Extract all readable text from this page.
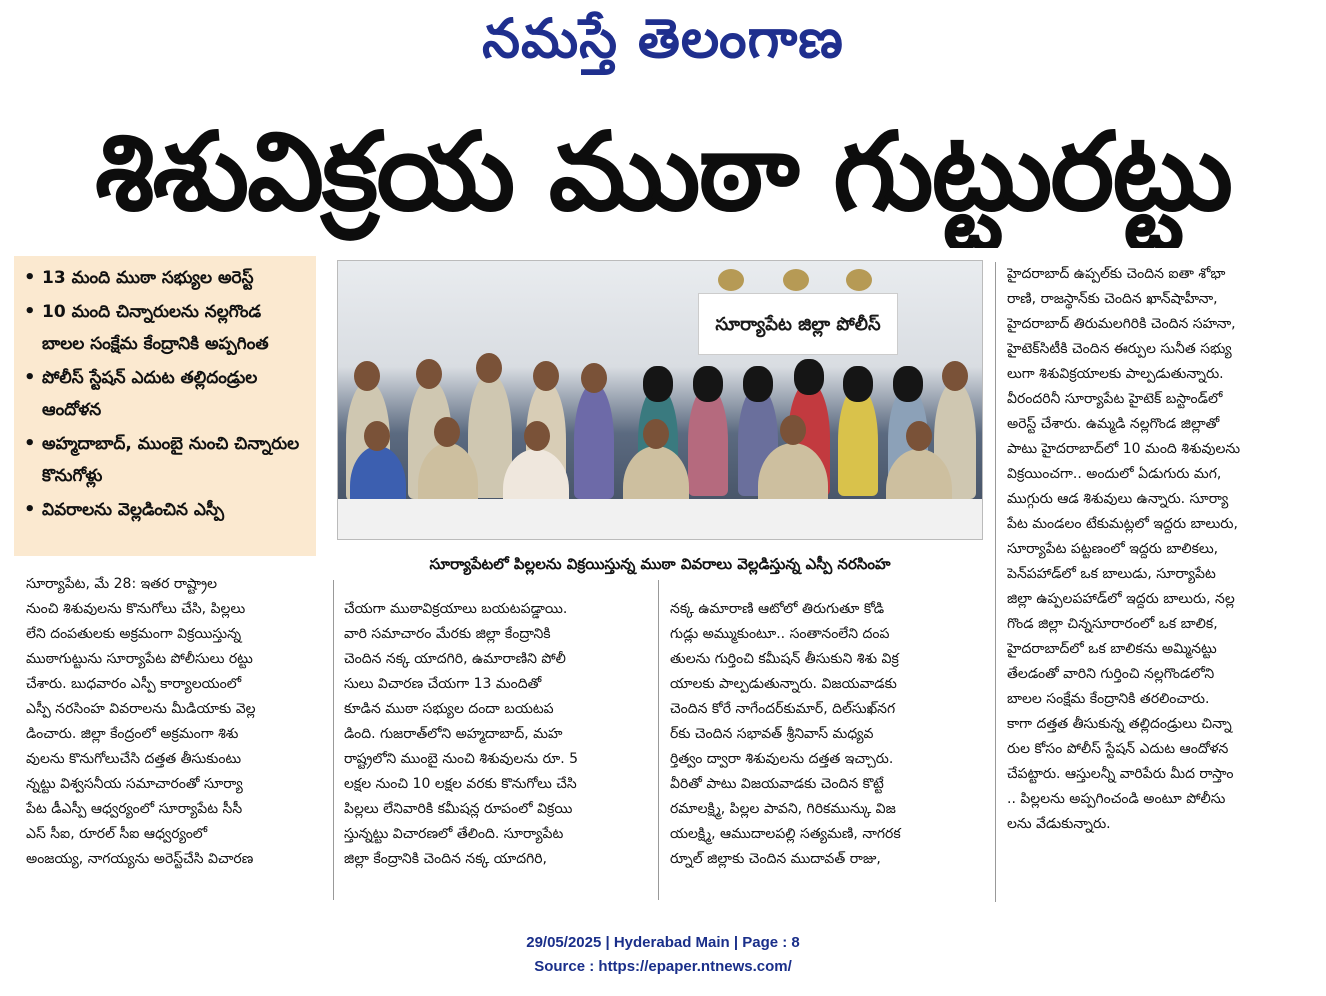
నమస్తే తెలంగాణ
శిశువిక్రయ ముఠా గుట్టురట్టు
• 13 మంది ముఠా సభ్యుల అరెస్ట్
• 10 మంది చిన్నారులను నల్లగొండ బాలల సంక్షేమ కేంద్రానికి అప్పగింత
• పోలీస్ స్టేషన్ ఎదుట తల్లిదండ్రుల ఆందోళన
• అహ్మదాబాద్, ముంబై నుంచి చిన్నారుల కొనుగోళ్లు
• వివరాలను వెల్లడించిన ఎస్పీ
సూర్యాపేట జిల్లా పోలీస్
సూర్యాపేటలో పిల్లలను విక్రయిస్తున్న ముఠా వివరాలు వెల్లడిస్తున్న ఎస్పీ నరసింహ
సూర్యాపేట, మే 28: ఇతర రాష్ట్రాల
నుంచి శిశువులను కొనుగోలు చేసి, పిల్లలు
లేని దంపతులకు అక్రమంగా విక్రయిస్తున్న
ముఠాగుట్టును సూర్యాపేట పోలీసులు రట్టు
చేశారు. బుధవారం ఎస్పీ కార్యాలయంలో
ఎస్పీ నరసింహ వివరాలను మీడియాకు వెల్ల
డించారు. జిల్లా కేంద్రంలో అక్రమంగా శిశు
వులను కొనుగోలుచేసి దత్తత తీసుకుంటు
న్నట్టు విశ్వసనీయ సమాచారంతో సూర్యా
పేట డీఎస్పీ ఆధ్వర్యంలో సూర్యాపేట సీసీ
ఎస్ సీఐ, రూరల్ సీఐ ఆధ్వర్యంలో
అంజయ్య, నాగయ్యను అరెస్ట్‌చేసి విచారణ
చేయగా ముఠావిక్రయాలు బయటపడ్డాయి.
వారి సమాచారం మేరకు జిల్లా కేంద్రానికి
చెందిన నక్క యాదగిరి, ఉమారాణిని పోలీ
సులు విచారణ చేయగా 13 మందితో
కూడిన ముఠా సభ్యుల దందా బయటప
డింది. గుజరాత్‌లోని అహ్మదాబాద్, మహ
రాష్ట్రలోని ముంబై నుంచి శిశువులను రూ. 5
లక్షల నుంచి 10 లక్షల వరకు కొనుగోలు చేసి
పిల్లలు లేనివారికి కమీషన్ల రూపంలో విక్రయి
స్తున్నట్టు విచారణలో తేలింది. సూర్యాపేట
జిల్లా కేంద్రానికి చెందిన నక్క యాదగిరి,
నక్క ఉమారాణి ఆటోలో తిరుగుతూ కోడి
గుడ్లు అమ్ముకుంటూ.. సంతానంలేని దంప
తులను గుర్తించి కమీషన్ తీసుకుని శిశు విక్ర
యాలకు పాల్పడుతున్నారు. విజయవాడకు
చెందిన కోరే నాగేందర్‌కుమార్, దిల్‌సుఖ్‌నగ
ర్‌కు చెందిన సభావత్ శ్రీనివాస్ మధ్యవ
ర్తిత్వం ద్వారా శిశువులను దత్తత ఇచ్చారు.
వీరితో పాటు విజయవాడకు చెందిన కొట్టే
రమాలక్ష్మి, పిల్లల పావని, గిరికమున్కు విజ
యలక్ష్మి, ఆముదాలపల్లి సత్యమణి, నాగరక
ర్నూల్ జిల్లాకు చెందిన ముదావత్ రాజు,
హైదరాబాద్ ఉప్పల్‌కు చెందిన ఐతా శోభా
రాణి, రాజస్థాన్‌కు చెందిన ఖాన్‌షాహీనా,
హైదరాబాద్ తిరుమలగిరికి చెందిన సహనా,
హైటెక్‌సిటీకి చెందిన ఈర్పుల సునీత సభ్యు
లుగా శిశువిక్రయాలకు పాల్పడుతున్నారు.
వీరందరినీ సూర్యాపేట హైటెక్ బస్టాండ్‌లో
అరెస్ట్ చేశారు. ఉమ్మడి నల్లగొండ జిల్లాతో
పాటు హైదరాబాద్‌లో 10 మంది శిశువులను
విక్రయించగా.. అందులో ఏడుగురు మగ,
ముగ్గురు ఆడ శిశువులు ఉన్నారు. సూర్యా
పేట మండలం టేకుమట్లలో ఇద్దరు బాలురు,
సూర్యాపేట పట్టణంలో ఇద్దరు బాలికలు,
పెన్‌పహాడ్‌లో ఒక బాలుడు, సూర్యాపేట
జిల్లా ఉప్పలపహాడ్‌లో ఇద్దరు బాలురు, నల్ల
గొండ జిల్లా చిన్నసూరారంలో ఒక బాలిక,
హైదరాబాద్‌లో ఒక బాలికను అమ్మినట్టు
తేలడంతో వారిని గుర్తించి నల్లగొండలోని
బాలల సంక్షేమ కేంద్రానికి తరలించారు.
కాగా దత్తత తీసుకున్న తల్లిదండ్రులు చిన్నా
రుల కోసం పోలీస్ స్టేషన్ ఎదుట ఆందోళన
చేపట్టారు. ఆస్తులన్నీ వారిపేరు మీద రాస్తాం
.. పిల్లలను అప్పగించండి అంటూ పోలీసు
లను వేడుకున్నారు.
29/05/2025 | Hyderabad Main | Page : 8
Source : https://epaper.ntnews.com/
